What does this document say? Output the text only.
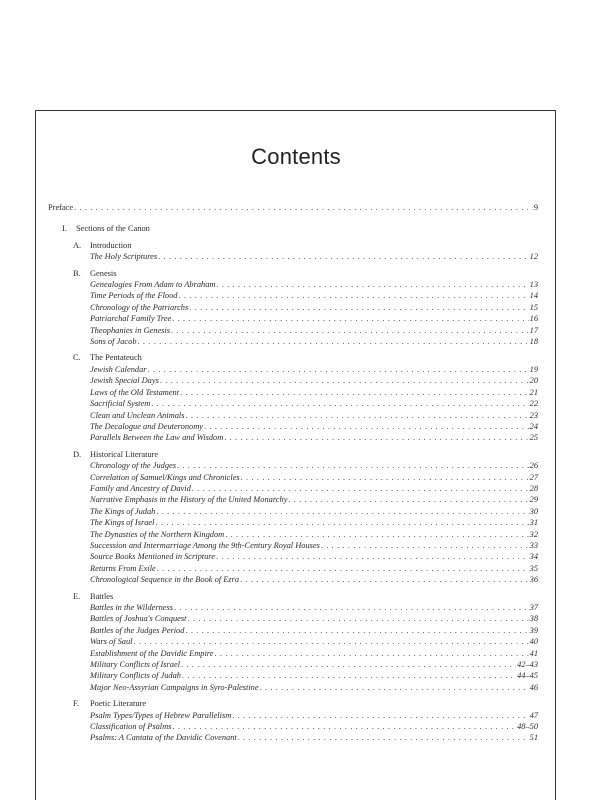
Contents
Preface . . .	9
I. Sections of the Canon
A. Introduction
The Holy Scriptures . . .	12
B. Genesis
Genealogies From Adam to Abraham . . .	13
Time Periods of the Flood . . .	14
Chronology of the Patriarchs . . .	15
Patriarchal Family Tree . . .	16
Theophanies in Genesis . . .	17
Sons of Jacob . . .	18
C. The Pentateuch
Jewish Calendar . . .	19
Jewish Special Days . . .	20
Laws of the Old Testament . . .	21
Sacrificial System . . .	22
Clean and Unclean Animals . . .	23
The Decalogue and Deuteronomy . . .	24
Parallels Between the Law and Wisdom . . .	25
D. Historical Literature
Chronology of the Judges . . .	26
Correlation of Samuel/Kings and Chronicles . . .	27
Family and Ancestry of David . . .	28
Narrative Emphasis in the History of the United Monarchy . . .	29
The Kings of Judah . . .	30
The Kings of Israel . . .	31
The Dynasties of the Northern Kingdom . . .	32
Succession and Intermarriage Among the 9th-Century Royal Houses . . .	33
Source Books Mentioned in Scripture . . .	34
Returns From Exile . . .	35
Chronological Sequence in the Book of Ezra . . .	36
E. Battles
Battles in the Wilderness . . .	37
Battles of Joshua's Conquest . . .	38
Battles of the Judges Period . . .	39
Wars of Saul . . .	40
Establishment of the Davidic Empire . . .	41
Military Conflicts of Israel . . .	42–43
Military Conflicts of Judah . . .	44–45
Major Neo-Assyrian Campaigns in Syro-Palestine . . .	46
F. Poetic Literature
Psalm Types/Types of Hebrew Parallelism . . .	47
Classification of Psalms . . .	48–50
Psalms: A Cantata of the Davidic Covenant . . .	51
